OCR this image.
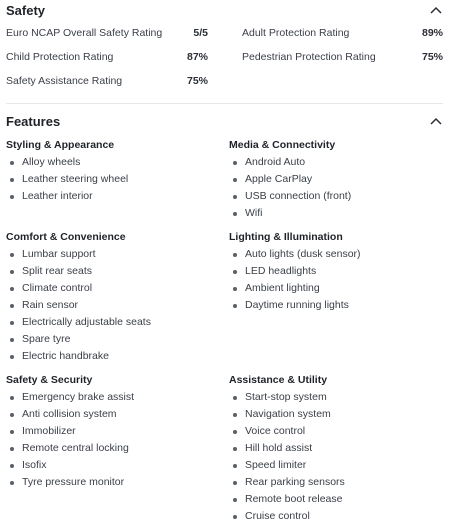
Safety
Euro NCAP Overall Safety Rating	5/5	Adult Protection Rating	89%
Child Protection Rating	87%	Pedestrian Protection Rating	75%
Safety Assistance Rating	75%
Features
Styling & Appearance
Alloy wheels
Leather steering wheel
Leather interior
Media & Connectivity
Android Auto
Apple CarPlay
USB connection (front)
Wifi
Comfort & Convenience
Lumbar support
Split rear seats
Climate control
Rain sensor
Electrically adjustable seats
Spare tyre
Electric handbrake
Lighting & Illumination
Auto lights (dusk sensor)
LED headlights
Ambient lighting
Daytime running lights
Safety & Security
Emergency brake assist
Anti collision system
Immobilizer
Remote central locking
Isofix
Tyre pressure monitor
Assistance & Utility
Start-stop system
Navigation system
Voice control
Hill hold assist
Speed limiter
Rear parking sensors
Remote boot release
Cruise control
